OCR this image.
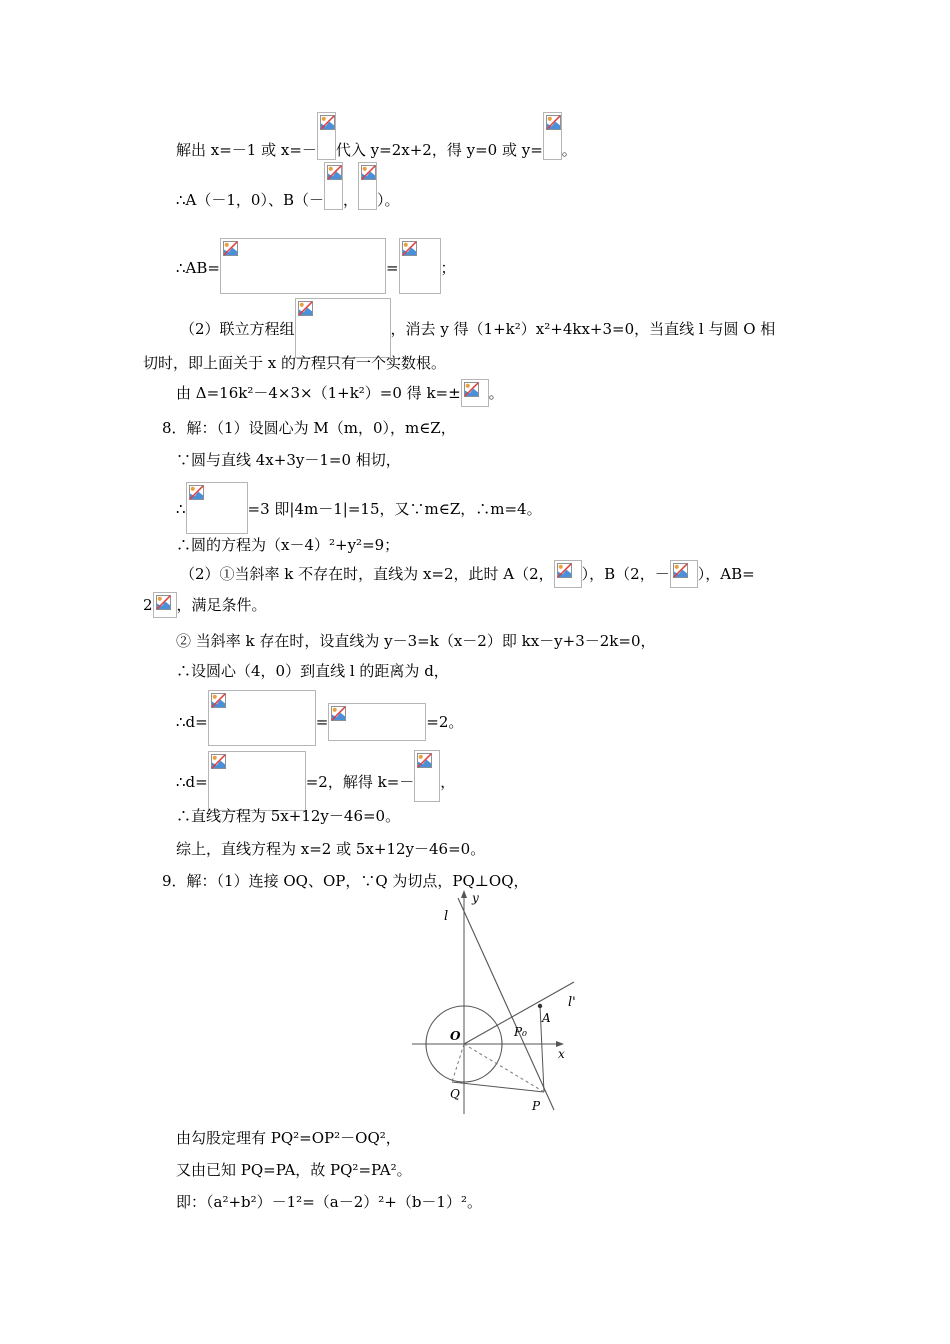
解出 x=－1 或 x=－ 代入 y=2x+2，得 y=0 或 y= 。
∴A（－1，0）、B（－ ， ）。
∴AB=	=	；
（2）联立方程组	，消去 y 得（1+k²）x²+4kx+3=0，当直线 l 与圆 O 相
切时，即上面关于 x 的方程只有一个实数根。
由 Δ=16k²－4×3×（1+k²）=0 得 k=± 。
8．解：（1）设圆心为 M（m，0），m∈Z，
∵圆与直线 4x+3y－1=0 相切，
∴	=3 即|4m－1|=15，又∵m∈Z，∴m=4。
∴圆的方程为（x－4）²+y²=9；
（2）①当斜率 k 不存在时，直线为 x=2，此时 A（2， ），B（2，－ ），AB=
2 ，满足条件。
② 当斜率 k 存在时，设直线为 y－3=k（x－2）即 kx－y+3－2k=0，
∴设圆心（4，0）到直线 l 的距离为 d，
∴d=	=	=2。
∴d=	=2，解得 k=－ ，
∴直线方程为 5x+12y－46=0。
综上，直线方程为 x=2 或 5x+12y－46=0。
9．解：（1）连接 OQ、OP，∵Q 为切点，PQ⊥OQ，
y
x
l
l'
O
A
P₀
Q
P
由勾股定理有 PQ²=OP²－OQ²，
又由已知 PQ=PA，故 PQ²=PA²。
即：（a²+b²）－1²=（a－2）²+（b－1）²。
